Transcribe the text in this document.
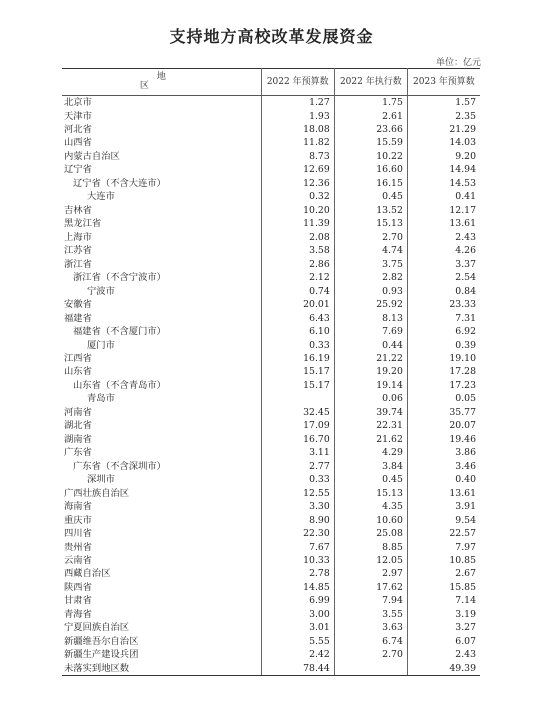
支持地方高校改革发展资金
单位：亿元
地　　区	2022 年预算数	2022 年执行数	2023 年预算数
北京市	1.27	1.75	1.57
天津市	1.93	2.61	2.35
河北省	18.08	23.66	21.29
山西省	11.82	15.59	14.03
内蒙古自治区	8.73	10.22	9.20
辽宁省	12.69	16.60	14.94
辽宁省（不含大连市）	12.36	16.15	14.53
大连市	0.32	0.45	0.41
吉林省	10.20	13.52	12.17
黑龙江省	11.39	15.13	13.61
上海市	2.08	2.70	2.43
江苏省	3.58	4.74	4.26
浙江省	2.86	3.75	3.37
浙江省（不含宁波市）	2.12	2.82	2.54
宁波市	0.74	0.93	0.84
安徽省	20.01	25.92	23.33
福建省	6.43	8.13	7.31
福建省（不含厦门市）	6.10	7.69	6.92
厦门市	0.33	0.44	0.39
江西省	16.19	21.22	19.10
山东省	15.17	19.20	17.28
山东省（不含青岛市）	15.17	19.14	17.23
青岛市		0.06	0.05
河南省	32.45	39.74	35.77
湖北省	17.09	22.31	20.07
湖南省	16.70	21.62	19.46
广东省	3.11	4.29	3.86
广东省（不含深圳市）	2.77	3.84	3.46
深圳市	0.33	0.45	0.40
广西壮族自治区	12.55	15.13	13.61
海南省	3.30	4.35	3.91
重庆市	8.90	10.60	9.54
四川省	22.30	25.08	22.57
贵州省	7.67	8.85	7.97
云南省	10.33	12.05	10.85
西藏自治区	2.78	2.97	2.67
陕西省	14.85	17.62	15.85
甘肃省	6.99	7.94	7.14
青海省	3.00	3.55	3.19
宁夏回族自治区	3.01	3.63	3.27
新疆维吾尔自治区	5.55	6.74	6.07
新疆生产建设兵团	2.42	2.70	2.43
未落实到地区数	78.44		49.39
